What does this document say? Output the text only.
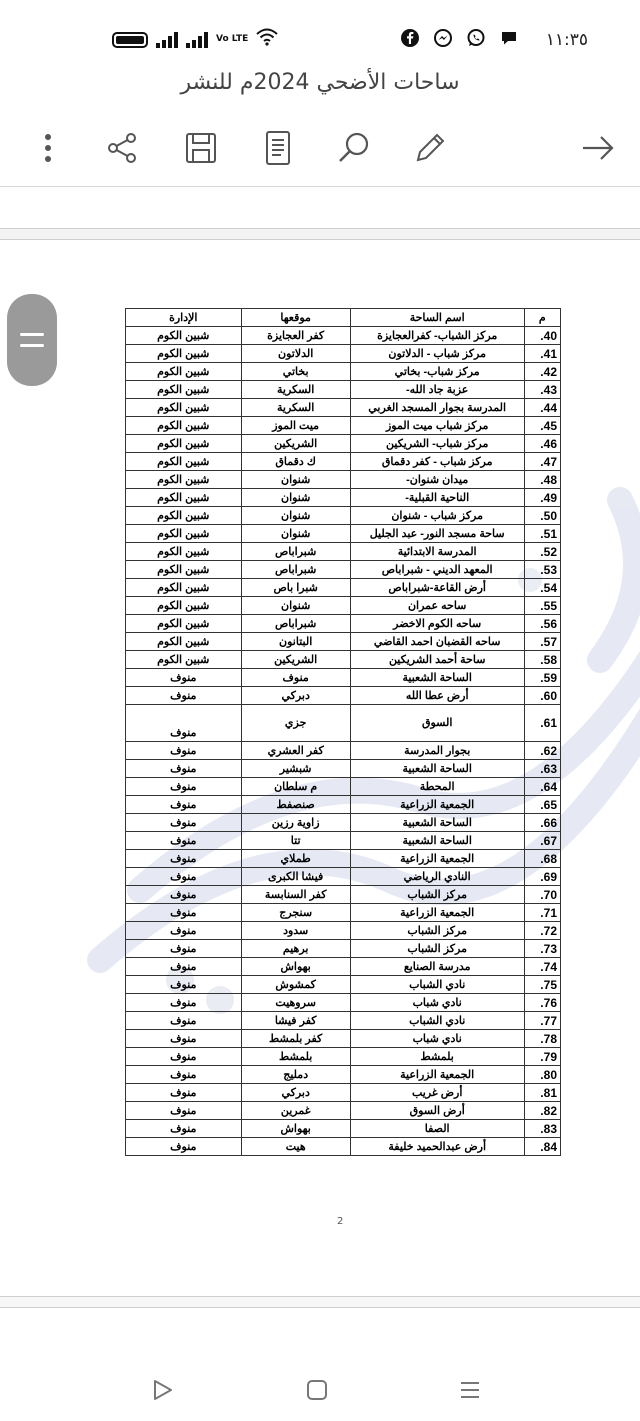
Vo LTE
	١١:٣٥
ساحات الأضحي 2024م للنشر
م	اسم الساحة	موقعها	الإدارة
40.	مركز الشباب- كفرالعجايزة	كفر العجايزة	شبين الكوم
41.	مركز شباب - الدلاتون	الدلاتون	شبين الكوم
42.	مركز شباب- بخاتي	بخاتي	شبين الكوم
43.	عزبة جاد الله-	السكرية	شبين الكوم
44.	المدرسة بجوار المسجد الغربي	السكرية	شبين الكوم
45.	مركز شباب ميت الموز	ميت الموز	شبين الكوم
46.	مركز شباب- الشريكين	الشريكين	شبين الكوم
47.	مركز شباب - كفر دقماق	ك دقماق	شبين الكوم
48.	ميدان شنوان-	شنوان	شبين الكوم
49.	الناحية القبلية-	شنوان	شبين الكوم
50.	مركز شباب - شنوان	شنوان	شبين الكوم
51.	ساحة مسجد النور- عبد الجليل	شنوان	شبين الكوم
52.	المدرسة الابتدائية	شبراباص	شبين الكوم
53.	المعهد الديني - شبراباص	شبراباص	شبين الكوم
54.	أرض القاعة-شبراباص	شبرا باص	شبين الكوم
55.	ساحه عمران	شنوان	شبين الكوم
56.	ساحه الكوم الاخضر	شبراباص	شبين الكوم
57.	ساحه القضبان احمد القاضي	البتانون	شبين الكوم
58.	ساحة أحمد الشريكين	الشريكين	شبين الكوم
59.	الساحة الشعبية	منوف	منوف
60.	أرض عطا الله	دبركي	منوف
61.	السوق	جزي	منوف
62.	بجوار المدرسة	كفر العشري	منوف
63.	الساحة الشعبية	شبشير	منوف
64.	المحطة	م سلطان	منوف
65.	الجمعية الزراعية	صنصفط	منوف
66.	الساحة الشعبية	زاوية رزين	منوف
67.	الساحة الشعبية	تتا	منوف
68.	الجمعية الزراعية	طملاي	منوف
69.	النادي الرياضي	فيشا الكبرى	منوف
70.	مركز الشباب	كفر السنابسة	منوف
71.	الجمعية الزراعية	سنجرج	منوف
72.	مركز الشباب	سدود	منوف
73.	مركز الشباب	برهيم	منوف
74.	مدرسة الصنايع	بهواش	منوف
75.	نادي الشباب	كمشوش	منوف
76.	نادي شباب	سروهيت	منوف
77.	نادي الشباب	كفر فيشا	منوف
78.	نادي شباب	كفر بلمشط	منوف
79.	بلمشط	بلمشط	منوف
80.	الجمعية الزراعية	دمليج	منوف
81.	أرض غريب	دبركي	منوف
82.	أرض السوق	غمرين	منوف
83.	الصفا	بهواش	منوف
84.	أرض عبدالحميد خليفة	هيت	منوف
2
